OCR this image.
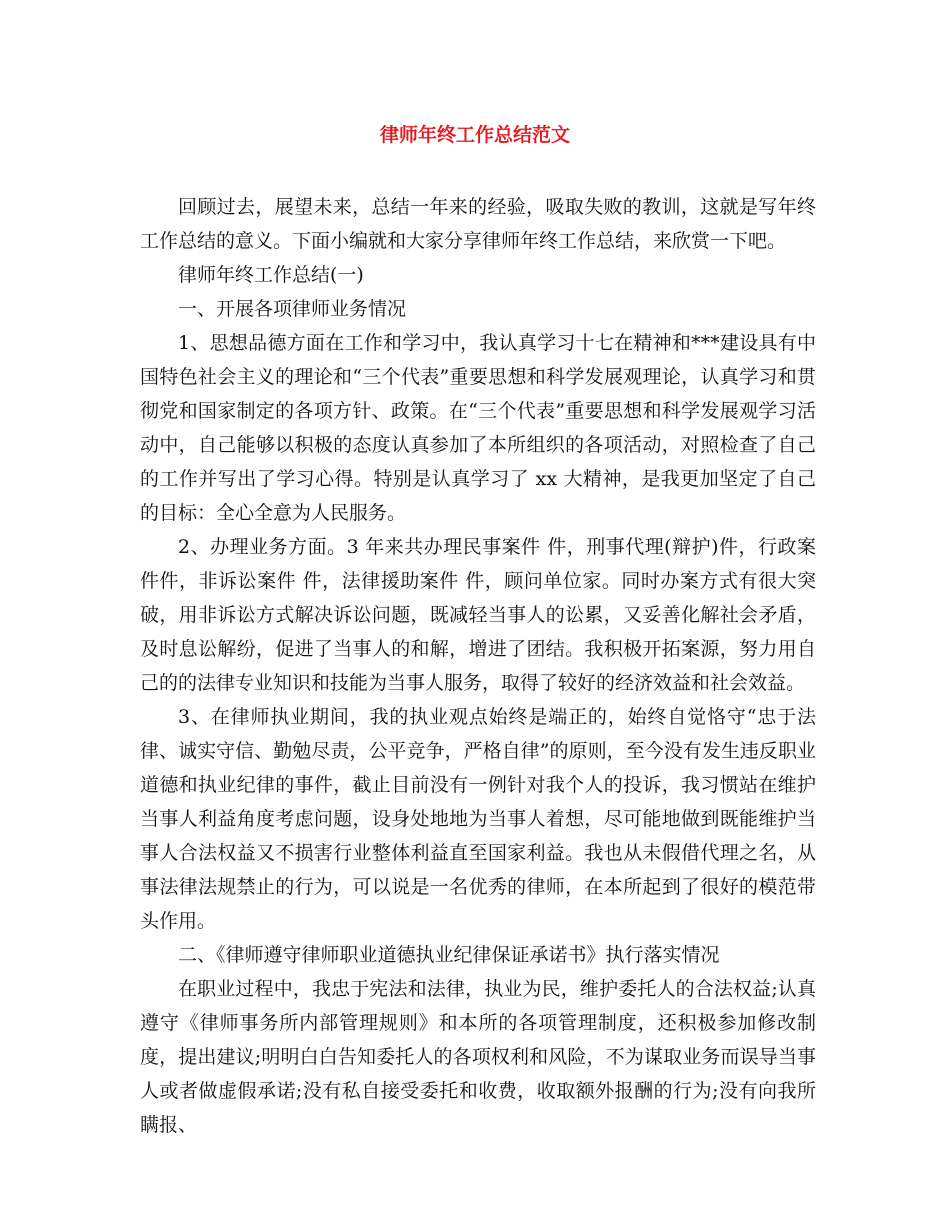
律师年终工作总结范文

回顾过去，展望未来，总结一年来的经验，吸取失败的教训，这就是写年终工作总结的意义。下面小编就和大家分享律师年终工作总结，来欣赏一下吧。

律师年终工作总结(一)

一、开展各项律师业务情况

1、思想品德方面在工作和学习中，我认真学习十七在精神和***建设具有中国特色社会主义的理论和“三个代表”重要思想和科学发展观理论，认真学习和贯彻党和国家制定的各项方针、政策。在“三个代表”重要思想和科学发展观学习活动中，自己能够以积极的态度认真参加了本所组织的各项活动，对照检查了自己的工作并写出了学习心得。特别是认真学习了 xx 大精神，是我更加坚定了自己的目标：全心全意为人民服务。

2、办理业务方面。3 年来共办理民事案件 件，刑事代理(辩护)件，行政案件件，非诉讼案件 件，法律援助案件 件，顾问单位家。同时办案方式有很大突破，用非诉讼方式解决诉讼问题，既减轻当事人的讼累，又妥善化解社会矛盾，及时息讼解纷，促进了当事人的和解，增进了团结。我积极开拓案源，努力用自己的的法律专业知识和技能为当事人服务，取得了较好的经济效益和社会效益。

3、在律师执业期间，我的执业观点始终是端正的，始终自觉恪守“忠于法律、诚实守信、勤勉尽责，公平竞争，严格自律”的原则，至今没有发生违反职业道德和执业纪律的事件，截止目前没有一例针对我个人的投诉，我习惯站在维护当事人利益角度考虑问题，设身处地地为当事人着想，尽可能地做到既能维护当事人合法权益又不损害行业整体利益直至国家利益。我也从未假借代理之名，从事法律法规禁止的行为，可以说是一名优秀的律师，在本所起到了很好的模范带头作用。

二、《律师遵守律师职业道德执业纪律保证承诺书》执行落实情况

在职业过程中，我忠于宪法和法律，执业为民，维护委托人的合法权益;认真遵守《律师事务所内部管理规则》和本所的各项管理制度，还积极参加修改制度，提出建议;明明白白告知委托人的各项权利和风险，不为谋取业务而误导当事人或者做虚假承诺;没有私自接受委托和收费，收取额外报酬的行为;没有向我所瞒报、
